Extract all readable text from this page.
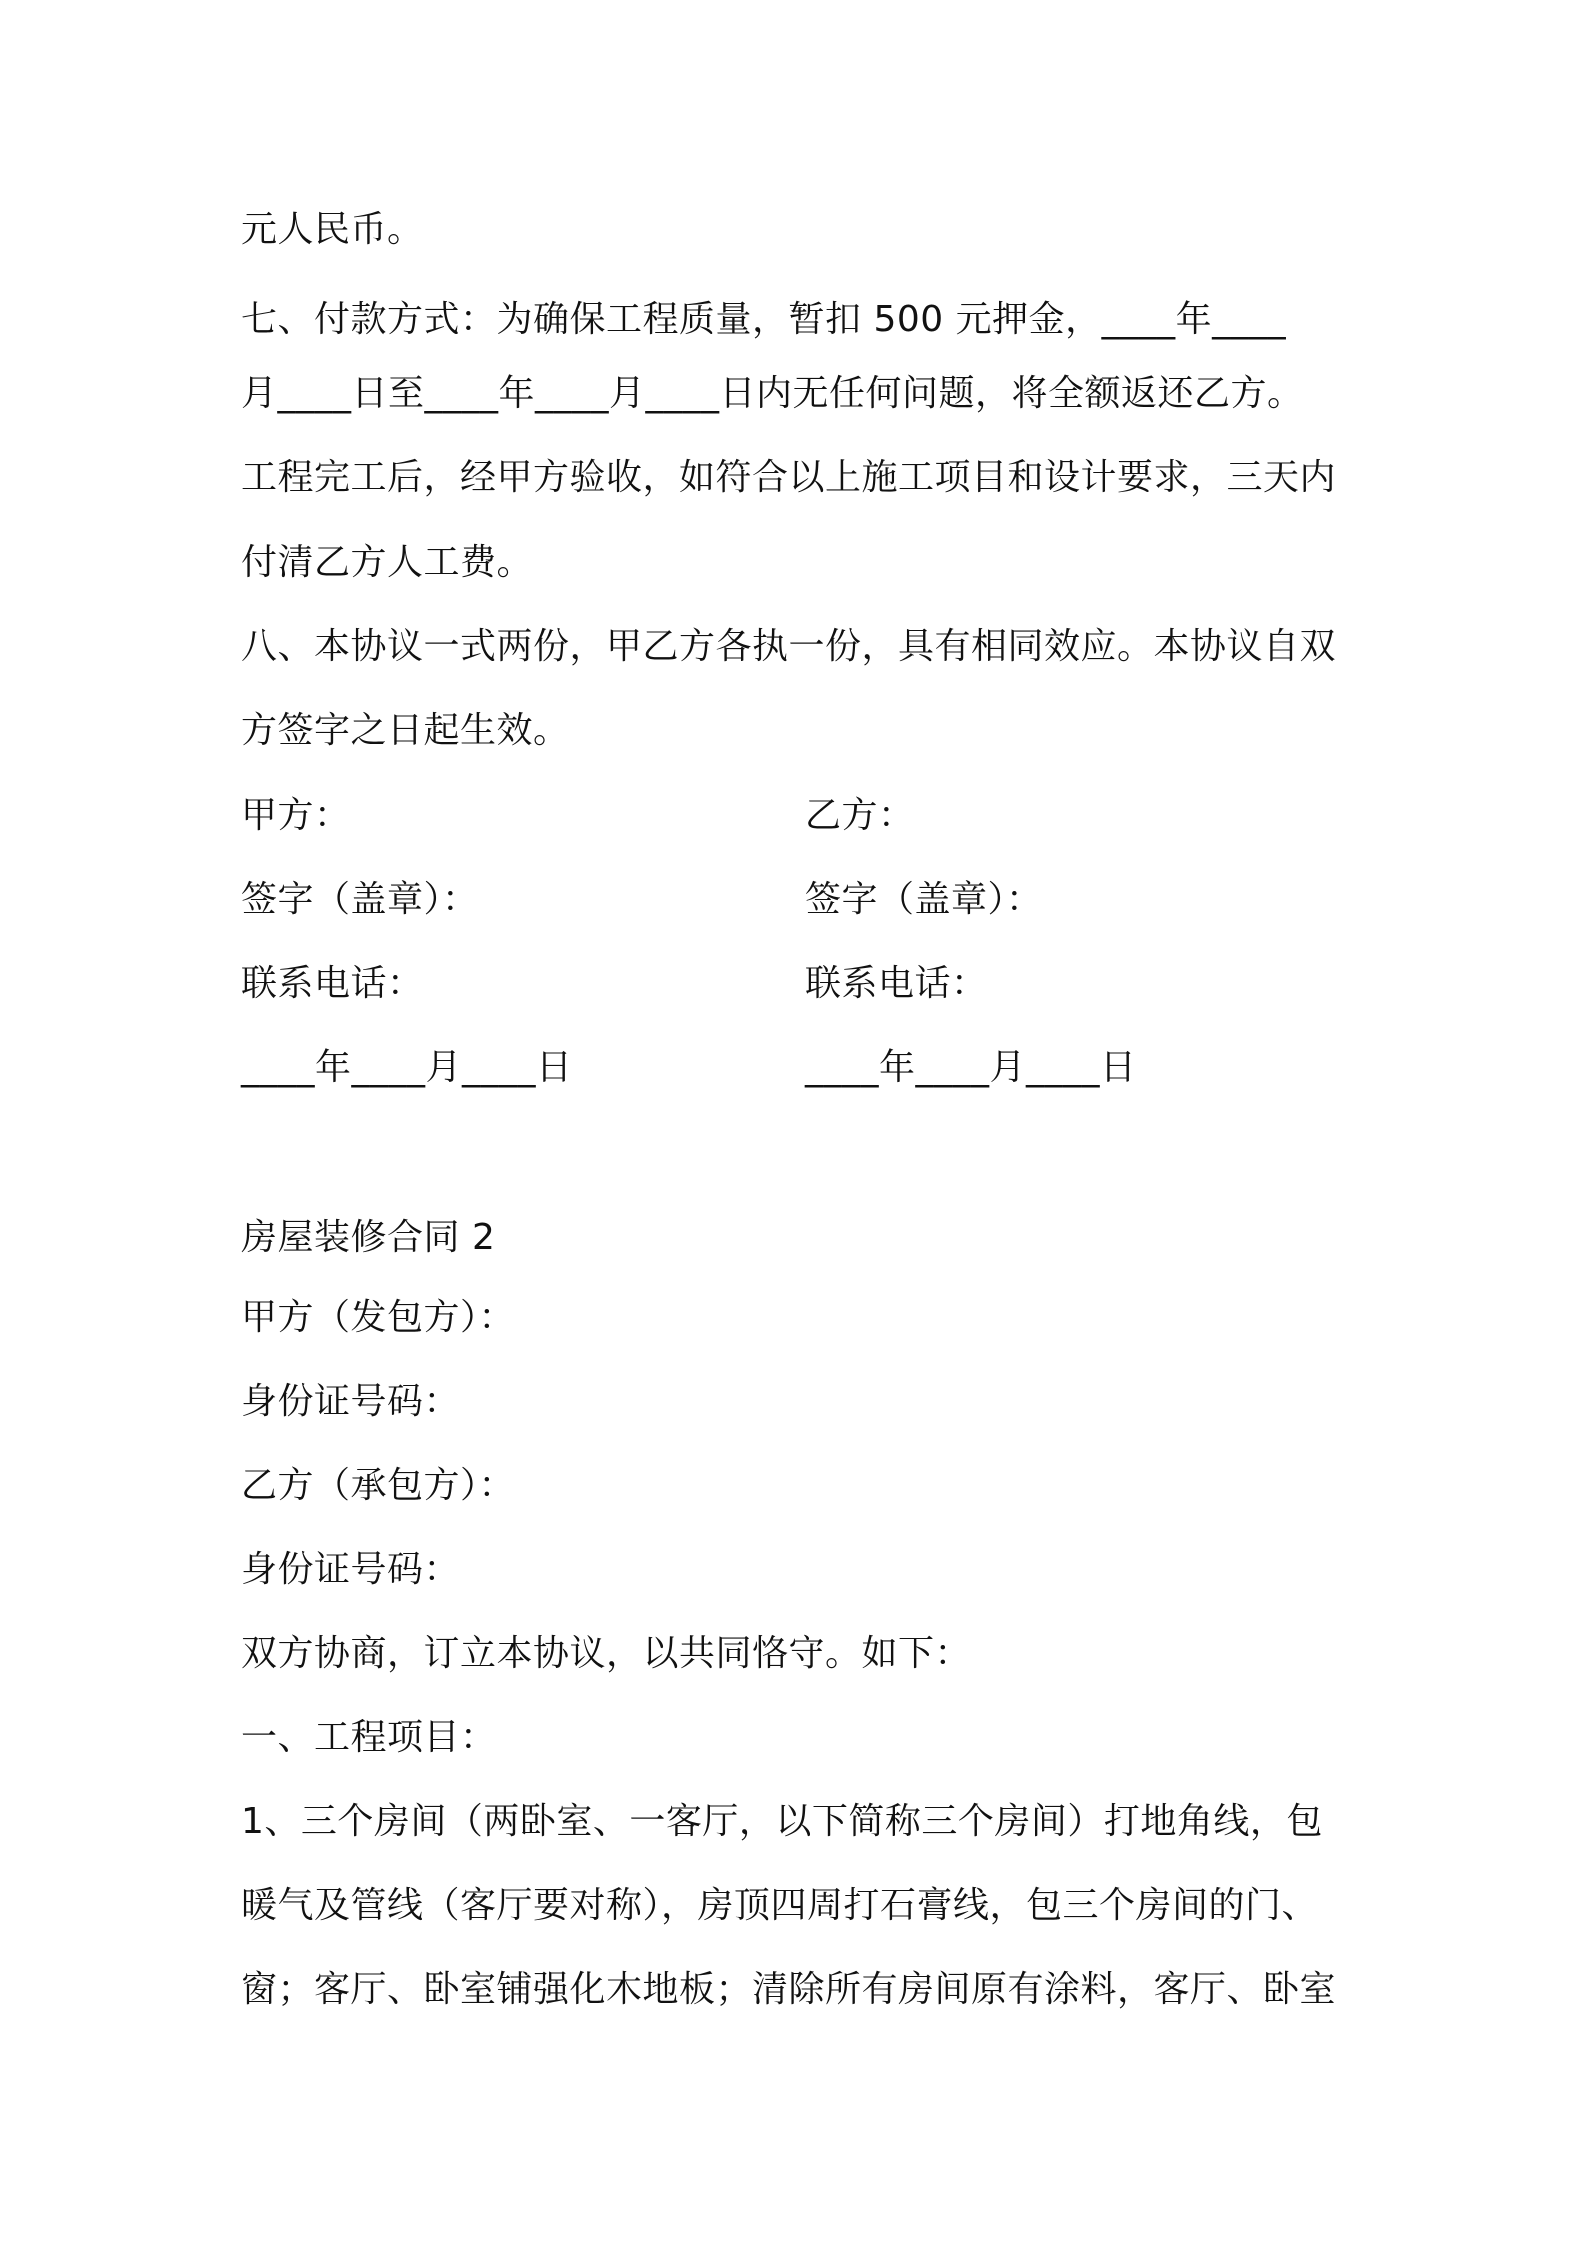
元人民币。
七、付款方式：为确保工程质量，暂扣 500 元押金，____年____
月____日至____年____月____日内无任何问题，将全额返还乙方。
工程完工后，经甲方验收，如符合以上施工项目和设计要求，三天内
付清乙方人工费。
八、本协议一式两份，甲乙方各执一份，具有相同效应。本协议自双
方签字之日起生效。
甲方：	乙方：
签字（盖章）：	签字（盖章）：
联系电话：	联系电话：
____年____月____日	____年____月____日
房屋装修合同 2
甲方（发包方）：
身份证号码：
乙方（承包方）：
身份证号码：
双方协商，订立本协议，以共同恪守。如下：
一、工程项目：
1、三个房间（两卧室、一客厅，以下简称三个房间）打地角线，包
暖气及管线（客厅要对称），房顶四周打石膏线，包三个房间的门、
窗；客厅、卧室铺强化木地板；清除所有房间原有涂料，客厅、卧室
